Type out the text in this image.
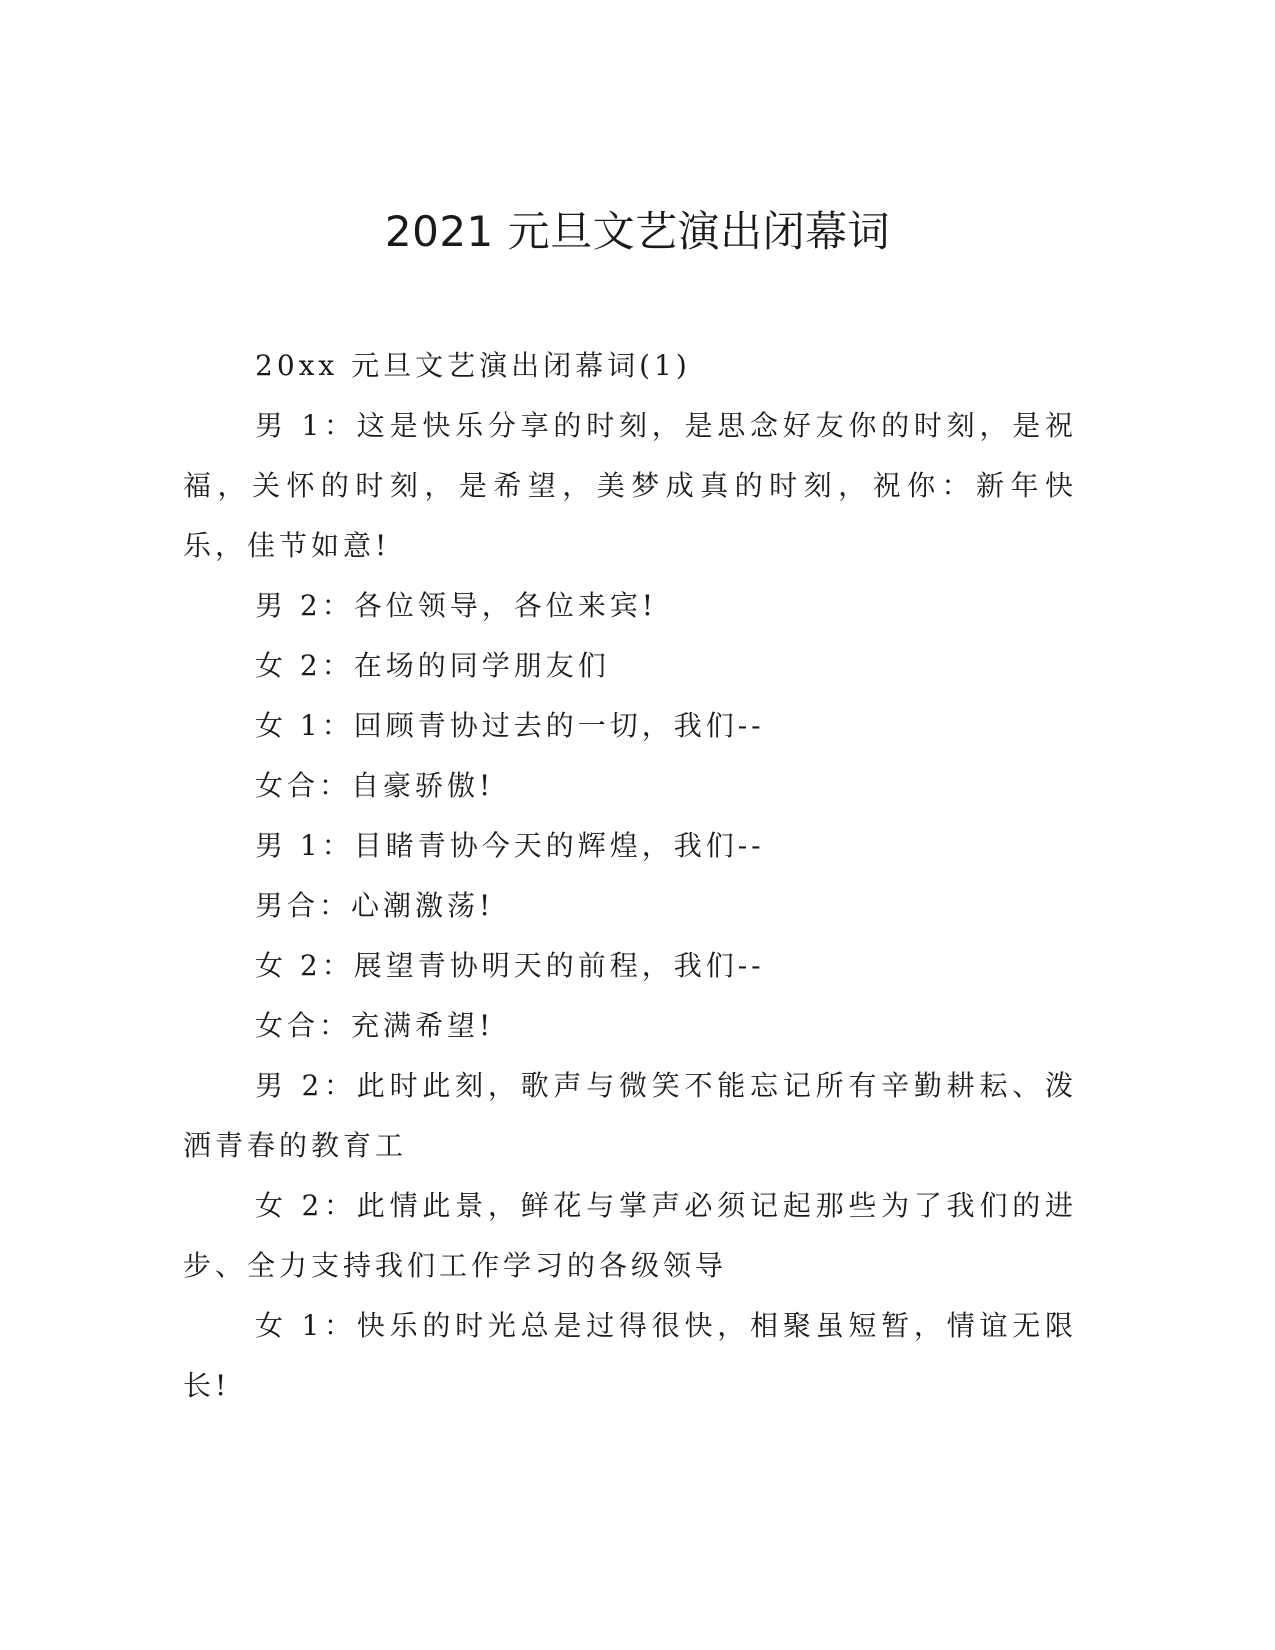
2021 元旦文艺演出闭幕词

20xx 元旦文艺演出闭幕词(1)

男 1：这是快乐分享的时刻，是思念好友你的时刻，是祝福，关怀的时刻，是希望，美梦成真的时刻，祝你：新年快乐，佳节如意!

男 2：各位领导，各位来宾!

女 2：在场的同学朋友们

女 1：回顾青协过去的一切，我们--

女合：自豪骄傲!

男 1：目睹青协今天的辉煌，我们--

男合：心潮激荡!

女 2：展望青协明天的前程，我们--

女合：充满希望!

男 2：此时此刻，歌声与微笑不能忘记所有辛勤耕耘、泼洒青春的教育工

女 2：此情此景，鲜花与掌声必须记起那些为了我们的进步、全力支持我们工作学习的各级领导

女 1：快乐的时光总是过得很快，相聚虽短暂，情谊无限长!
